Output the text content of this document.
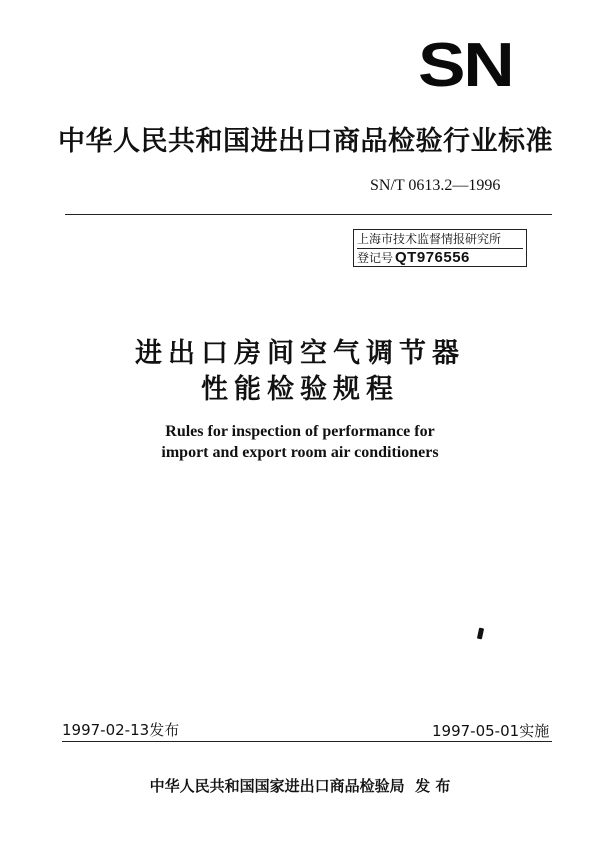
SN
中华人民共和国进出口商品检验行业标准
SN/T 0613.2—1996
上海市技术监督情报研究所
登记号 QT976556
进出口房间空气调节器
性能检验规程
Rules for inspection of performance for
import and export room air conditioners
1997-02-13发布	1997-05-01实施
中华人民共和国国家进出口商品检验局 发 布
